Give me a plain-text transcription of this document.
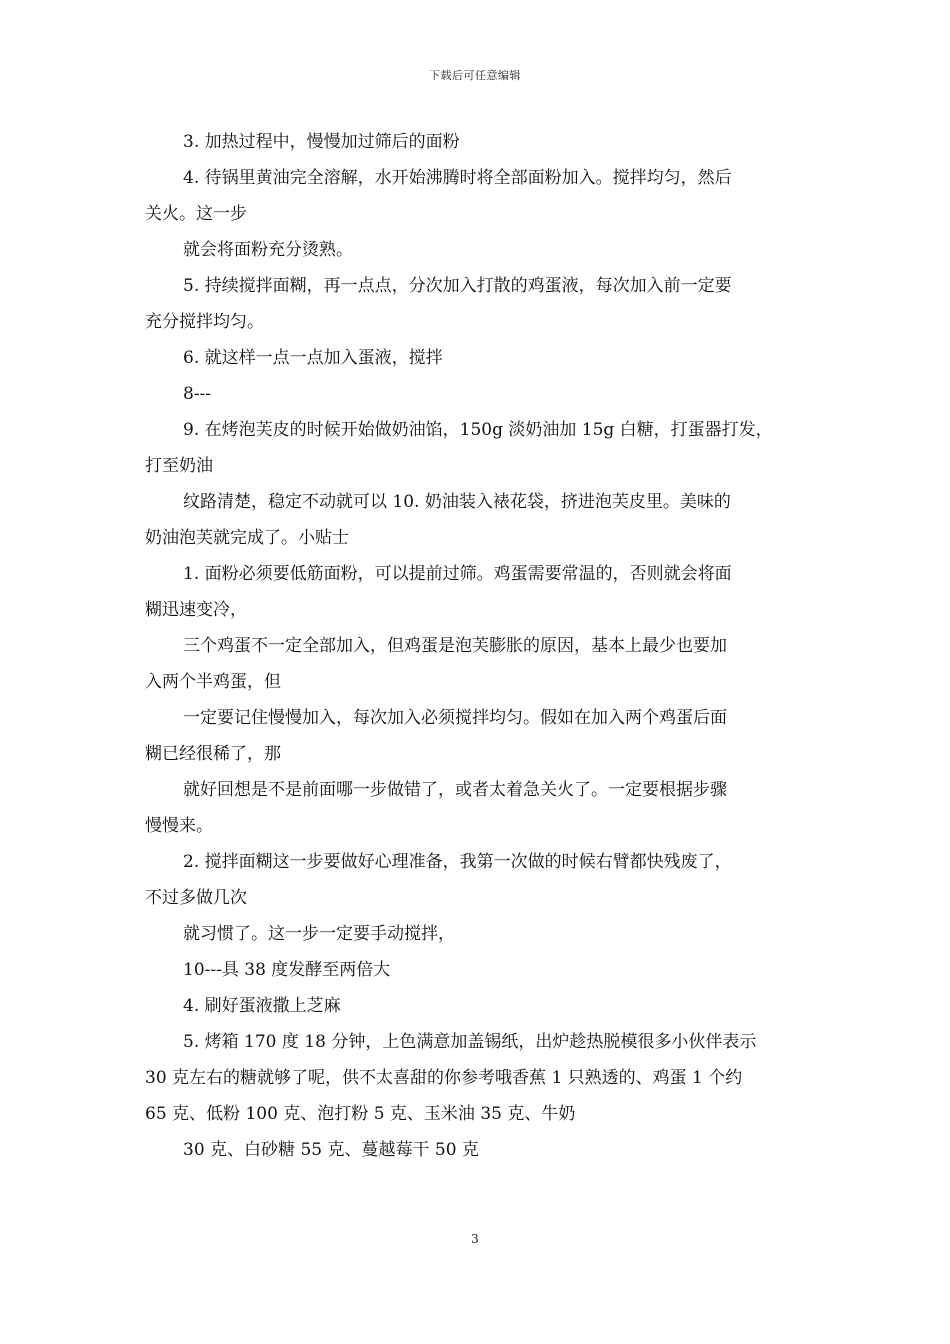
下载后可任意编辑
3. 加热过程中，慢慢加过筛后的面粉
4. 待锅里黄油完全溶解，水开始沸腾时将全部面粉加入。搅拌均匀，然后
关火。这一步
就会将面粉充分烫熟。
5. 持续搅拌面糊，再一点点，分次加入打散的鸡蛋液，每次加入前一定要
充分搅拌均匀。
6. 就这样一点一点加入蛋液，搅拌
8---
9. 在烤泡芙皮的时候开始做奶油馅，150g 淡奶油加 15g 白糖，打蛋器打发，
打至奶油
纹路清楚，稳定不动就可以 10. 奶油装入裱花袋，挤进泡芙皮里。美味的
奶油泡芙就完成了。小贴士
1. 面粉必须要低筋面粉，可以提前过筛。鸡蛋需要常温的，否则就会将面
糊迅速变冷，
三个鸡蛋不一定全部加入，但鸡蛋是泡芙膨胀的原因，基本上最少也要加
入两个半鸡蛋，但
一定要记住慢慢加入，每次加入必须搅拌均匀。假如在加入两个鸡蛋后面
糊已经很稀了，那
就好回想是不是前面哪一步做错了，或者太着急关火了。一定要根据步骤
慢慢来。
2. 搅拌面糊这一步要做好心理准备，我第一次做的时候右臂都快残废了，
不过多做几次
就习惯了。这一步一定要手动搅拌，
10---具 38 度发酵至两倍大
4. 刷好蛋液撒上芝麻
5. 烤箱 170 度 18 分钟，上色满意加盖锡纸，出炉趁热脱模很多小伙伴表示
30 克左右的糖就够了呢，供不太喜甜的你参考哦香蕉 1 只熟透的、鸡蛋 1 个约
65 克、低粉 100 克、泡打粉 5 克、玉米油 35 克、牛奶
30 克、白砂糖 55 克、蔓越莓干 50 克
3
